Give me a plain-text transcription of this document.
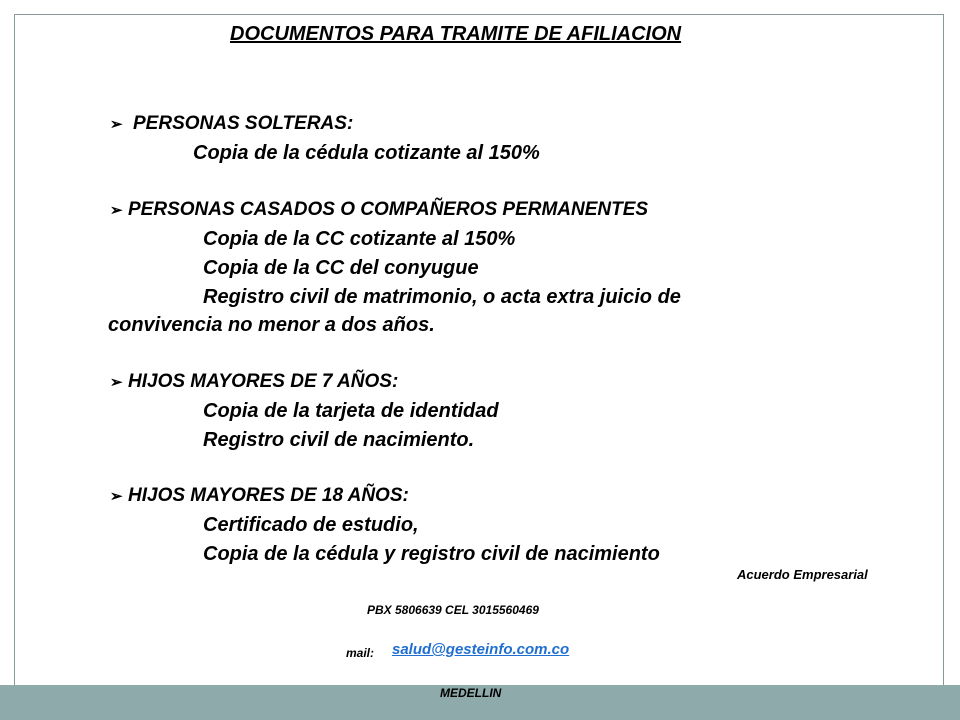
DOCUMENTOS PARA TRAMITE DE AFILIACION
➢ PERSONAS SOLTERAS:
Copia de la cédula cotizante al 150%
➢ PERSONAS CASADOS O COMPAÑEROS PERMANENTES
Copia de la CC cotizante al 150%
Copia de la CC del conyugue
Registro civil de matrimonio, o acta extra juicio de
convivencia no menor a dos años.
➢ HIJOS MAYORES DE 7 AÑOS:
Copia de la tarjeta de identidad
Registro civil de nacimiento.
➢ HIJOS MAYORES DE 18 AÑOS:
Certificado de estudio,
Copia de la cédula y registro civil de nacimiento
Acuerdo Empresarial
PBX 5806639 CEL 3015560469
mail: salud@gesteinfo.com.co
MEDELLIN
